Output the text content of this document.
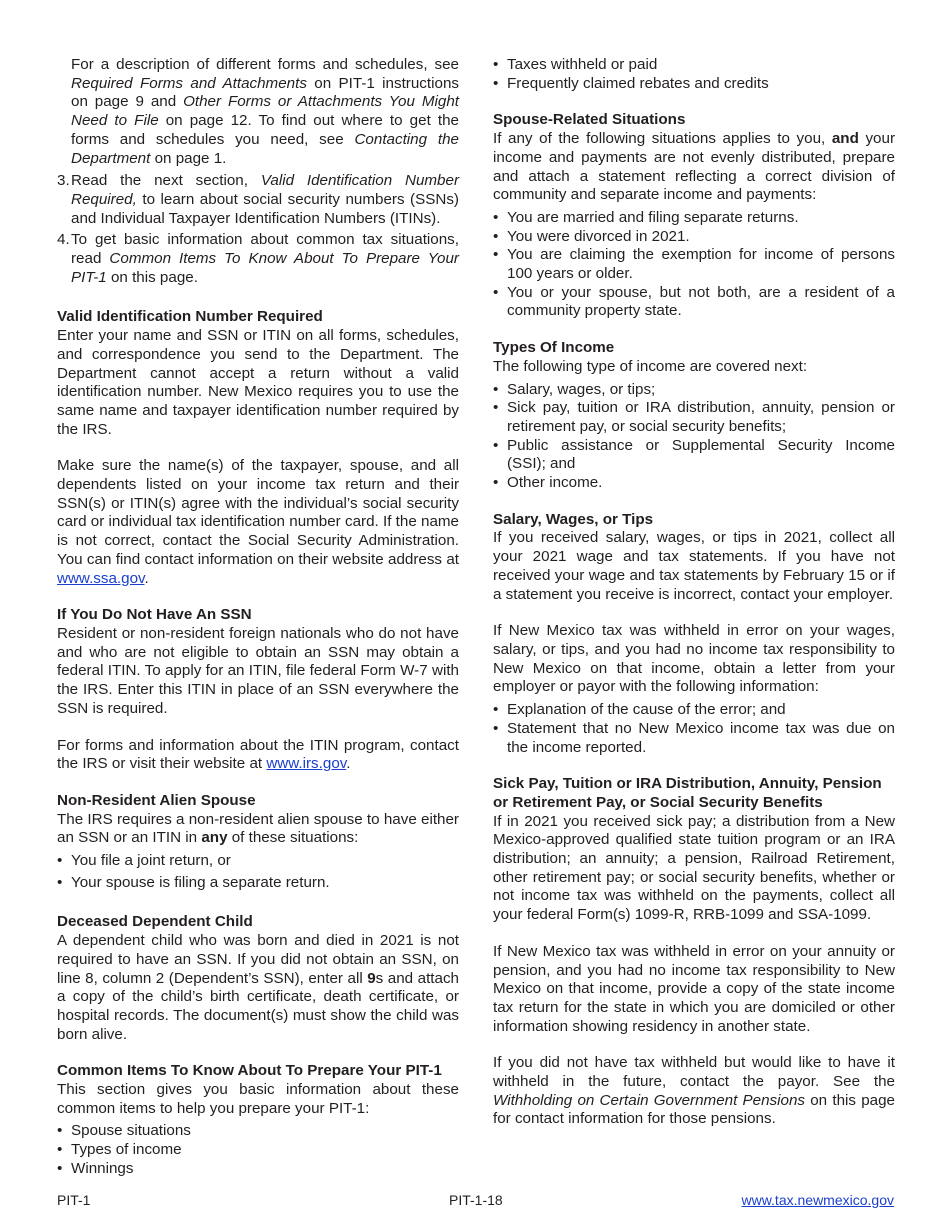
For a description of different forms and schedules, see Required Forms and Attachments on PIT-1 instructions on page 9 and Other Forms or Attachments You Might Need to File on page 12. To find out where to get the forms and schedules you need, see Contacting the Department on page 1.

3. Read the next section, Valid Identification Number Required, to learn about social security numbers (SSNs) and Individual Taxpayer Identification Numbers (ITINs).
4. To get basic information about common tax situations, read Common Items To Know About To Prepare Your PIT-1 on this page.

Valid Identification Number Required

Enter your name and SSN or ITIN on all forms, schedules, and correspondence you send to the Department. The Department cannot accept a return without a valid identification number. New Mexico requires you to use the same name and taxpayer identification number required by the IRS.

Make sure the name(s) of the taxpayer, spouse, and all dependents listed on your income tax return and their SSN(s) or ITIN(s) agree with the individual’s social security card or individual tax identification number card. If the name is not correct, contact the Social Security Administration. You can find contact information on their website address at www.ssa.gov.

If You Do Not Have An SSN

Resident or non-resident foreign nationals who do not have and who are not eligible to obtain an SSN may obtain a federal ITIN. To apply for an ITIN, file federal Form W-7 with the IRS. Enter this ITIN in place of an SSN everywhere the SSN is required.

For forms and information about the ITIN program, contact the IRS or visit their website at www.irs.gov.

Non-Resident Alien Spouse

The IRS requires a non-resident alien spouse to have either an SSN or an ITIN in any of these situations:

• You file a joint return, or
• Your spouse is filing a separate return.

Deceased Dependent Child

A dependent child who was born and died in 2021 is not required to have an SSN. If you did not obtain an SSN, on line 8, column 2 (Dependent’s SSN), enter all 9s and attach a copy of the child’s birth certificate, death certificate, or hospital records. The document(s) must show the child was born alive.

Common Items To Know About To Prepare Your PIT-1

This section gives you basic information about these common items to help you prepare your PIT-1:

• Spouse situations
• Types of income
• Winnings
• Taxes withheld or paid
• Frequently claimed rebates and credits

Spouse-Related Situations

If any of the following situations applies to you, and your income and payments are not evenly distributed, prepare and attach a statement reflecting a correct division of community and separate income and payments:

• You are married and filing separate returns.
• You were divorced in 2021.
• You are claiming the exemption for income of persons 100 years or older.
• You or your spouse, but not both, are a resident of a community property state.

Types Of Income

The following type of income are covered next:

• Salary, wages, or tips;
• Sick pay, tuition or IRA distribution, annuity, pension or retirement pay, or social security benefits;
• Public assistance or Supplemental Security Income (SSI); and
• Other income.

Salary, Wages, or Tips

If you received salary, wages, or tips in 2021, collect all your 2021 wage and tax statements. If you have not received your wage and tax statements by February 15 or if a statement you receive is incorrect, contact your employer.

If New Mexico tax was withheld in error on your wages, salary, or tips, and you had no income tax responsibility to New Mexico on that income, obtain a letter from your employer or payor with the following information:

• Explanation of the cause of the error; and
• Statement that no New Mexico income tax was due on the income reported.

Sick Pay, Tuition or IRA Distribution, Annuity, Pension or Retirement Pay, or Social Security Benefits

If in 2021 you received sick pay; a distribution from a New Mexico-approved qualified state tuition program or an IRA distribution; an annuity; a pension, Railroad Retirement, other retirement pay; or social security benefits, whether or not income tax was withheld on the payments, collect all your federal Form(s) 1099-R, RRB-1099 and SSA-1099.

If New Mexico tax was withheld in error on your annuity or pension, and you had no income tax responsibility to New Mexico on that income, provide a copy of the state income tax return for the state in which you are domiciled or other information showing residency in another state.

If you did not have tax withheld but would like to have it withheld in the future, contact the payor. See the Withholding on Certain Government Pensions on this page for contact information for those pensions.

PIT-1	PIT-1-18	www.tax.newmexico.gov
